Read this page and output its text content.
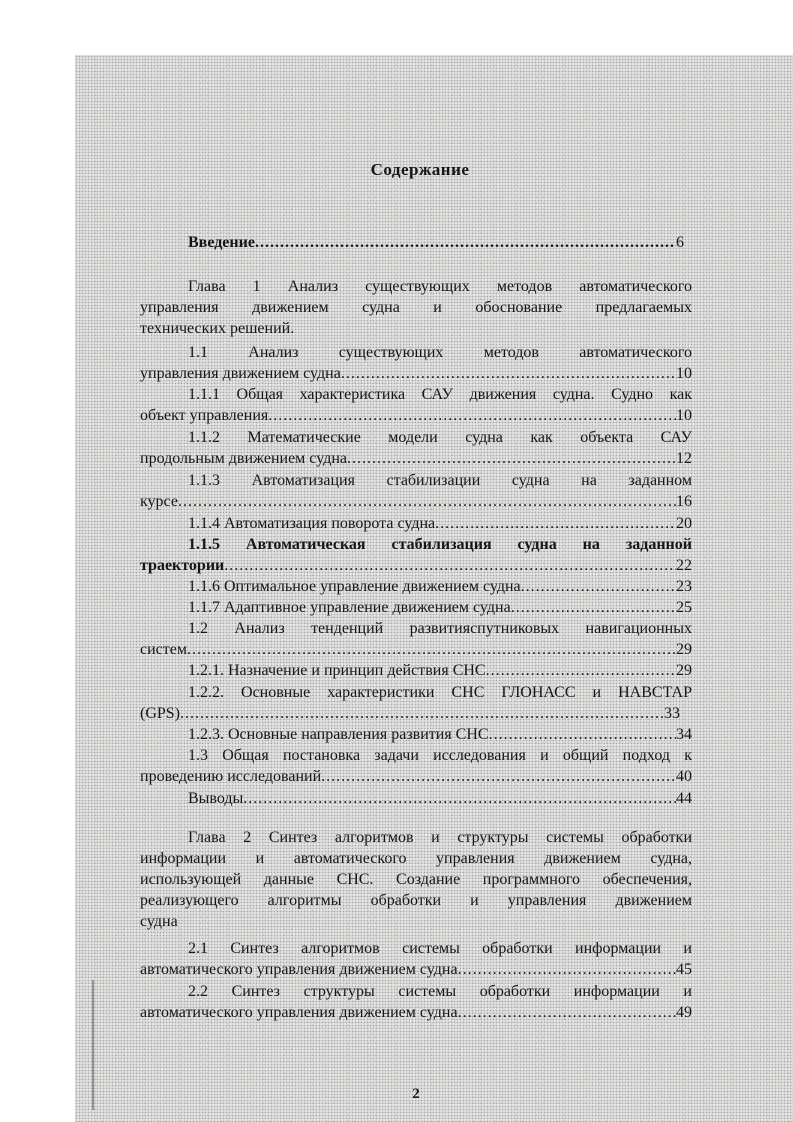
Содержание
Введение .....	6
Глава 1 Анализ существующих методов автоматического
управления движением судна и обоснование предлагаемых
технических решений.
1.1 Анализ существующих методов автоматического
управления движением судна .....	10
1.1.1 Общая характеристика САУ движения судна. Судно как
объект управления .....	10
1.1.2 Математические модели судна как объекта САУ
продольным движением судна .....	12
1.1.3 Автоматизация стабилизации судна на заданном
курсе .....	16
1.1.4 Автоматизация поворота судна .....	20
1.1.5 Автоматическая стабилизация судна на заданной
траектории .....	22
1.1.6 Оптимальное управление движением судна .....	23
1.1.7 Адаптивное управление движением судна .....	25
1.2 Анализ тенденций развитияспутниковых навигационных
систем .....	29
1.2.1. Назначение и принцип действия СНС .....	29
1.2.2. Основные характеристики СНС ГЛОНАСС и НАВСТАР
(GPS) .....	33
1.2.3. Основные направления развития СНС .....	34
1.3 Общая постановка задачи исследования и общий подход к
проведению исследований .....	40
Выводы .....	44
Глава 2 Синтез алгоритмов и структуры системы обработки
информации и автоматического управления движением судна,
использующей данные СНС. Создание программного обеспечения,
реализующего алгоритмы обработки и управления движением
судна
2.1 Синтез алгоритмов системы обработки информации и
автоматического управления движением судна .....	45
2.2 Синтез структуры системы обработки информации и
автоматического управления движением судна .....	49
2
